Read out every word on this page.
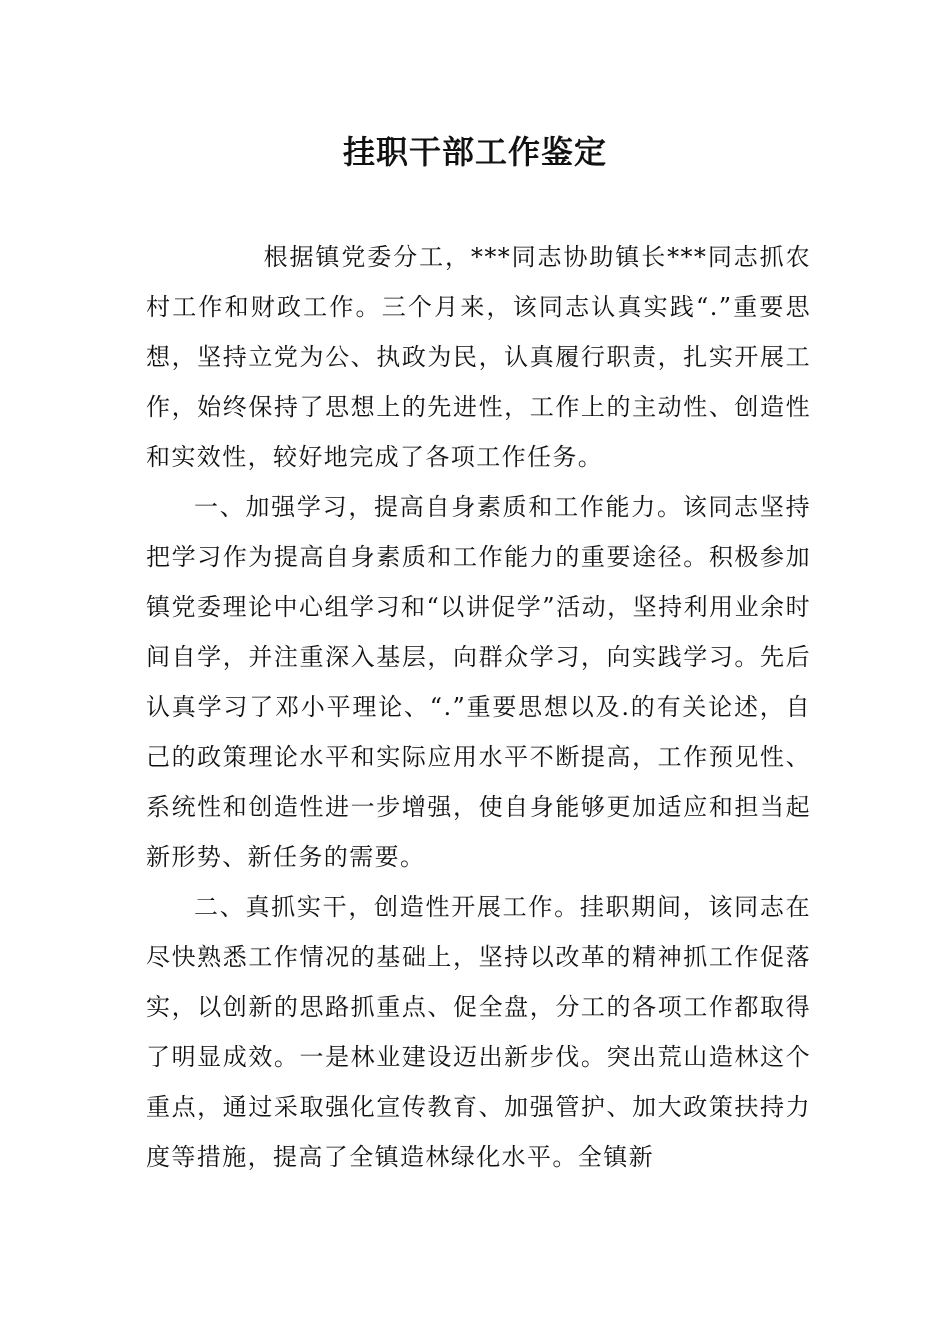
挂职干部工作鉴定

根据镇党委分工，***同志协助镇长***同志抓农村工作和财政工作。三个月来，该同志认真实践“.”重要思想，坚持立党为公、执政为民，认真履行职责，扎实开展工作，始终保持了思想上的先进性，工作上的主动性、创造性和实效性，较好地完成了各项工作任务。

一、加强学习，提高自身素质和工作能力。该同志坚持把学习作为提高自身素质和工作能力的重要途径。积极参加镇党委理论中心组学习和“以讲促学”活动，坚持利用业余时间自学，并注重深入基层，向群众学习，向实践学习。先后认真学习了邓小平理论、“.”重要思想以及.的有关论述，自己的政策理论水平和实际应用水平不断提高，工作预见性、系统性和创造性进一步增强，使自身能够更加适应和担当起新形势、新任务的需要。

二、真抓实干，创造性开展工作。挂职期间，该同志在尽快熟悉工作情况的基础上，坚持以改革的精神抓工作促落实，以创新的思路抓重点、促全盘，分工的各项工作都取得了明显成效。一是林业建设迈出新步伐。突出荒山造林这个重点，通过采取强化宣传教育、加强管护、加大政策扶持力度等措施，提高了全镇造林绿化水平。全镇新
